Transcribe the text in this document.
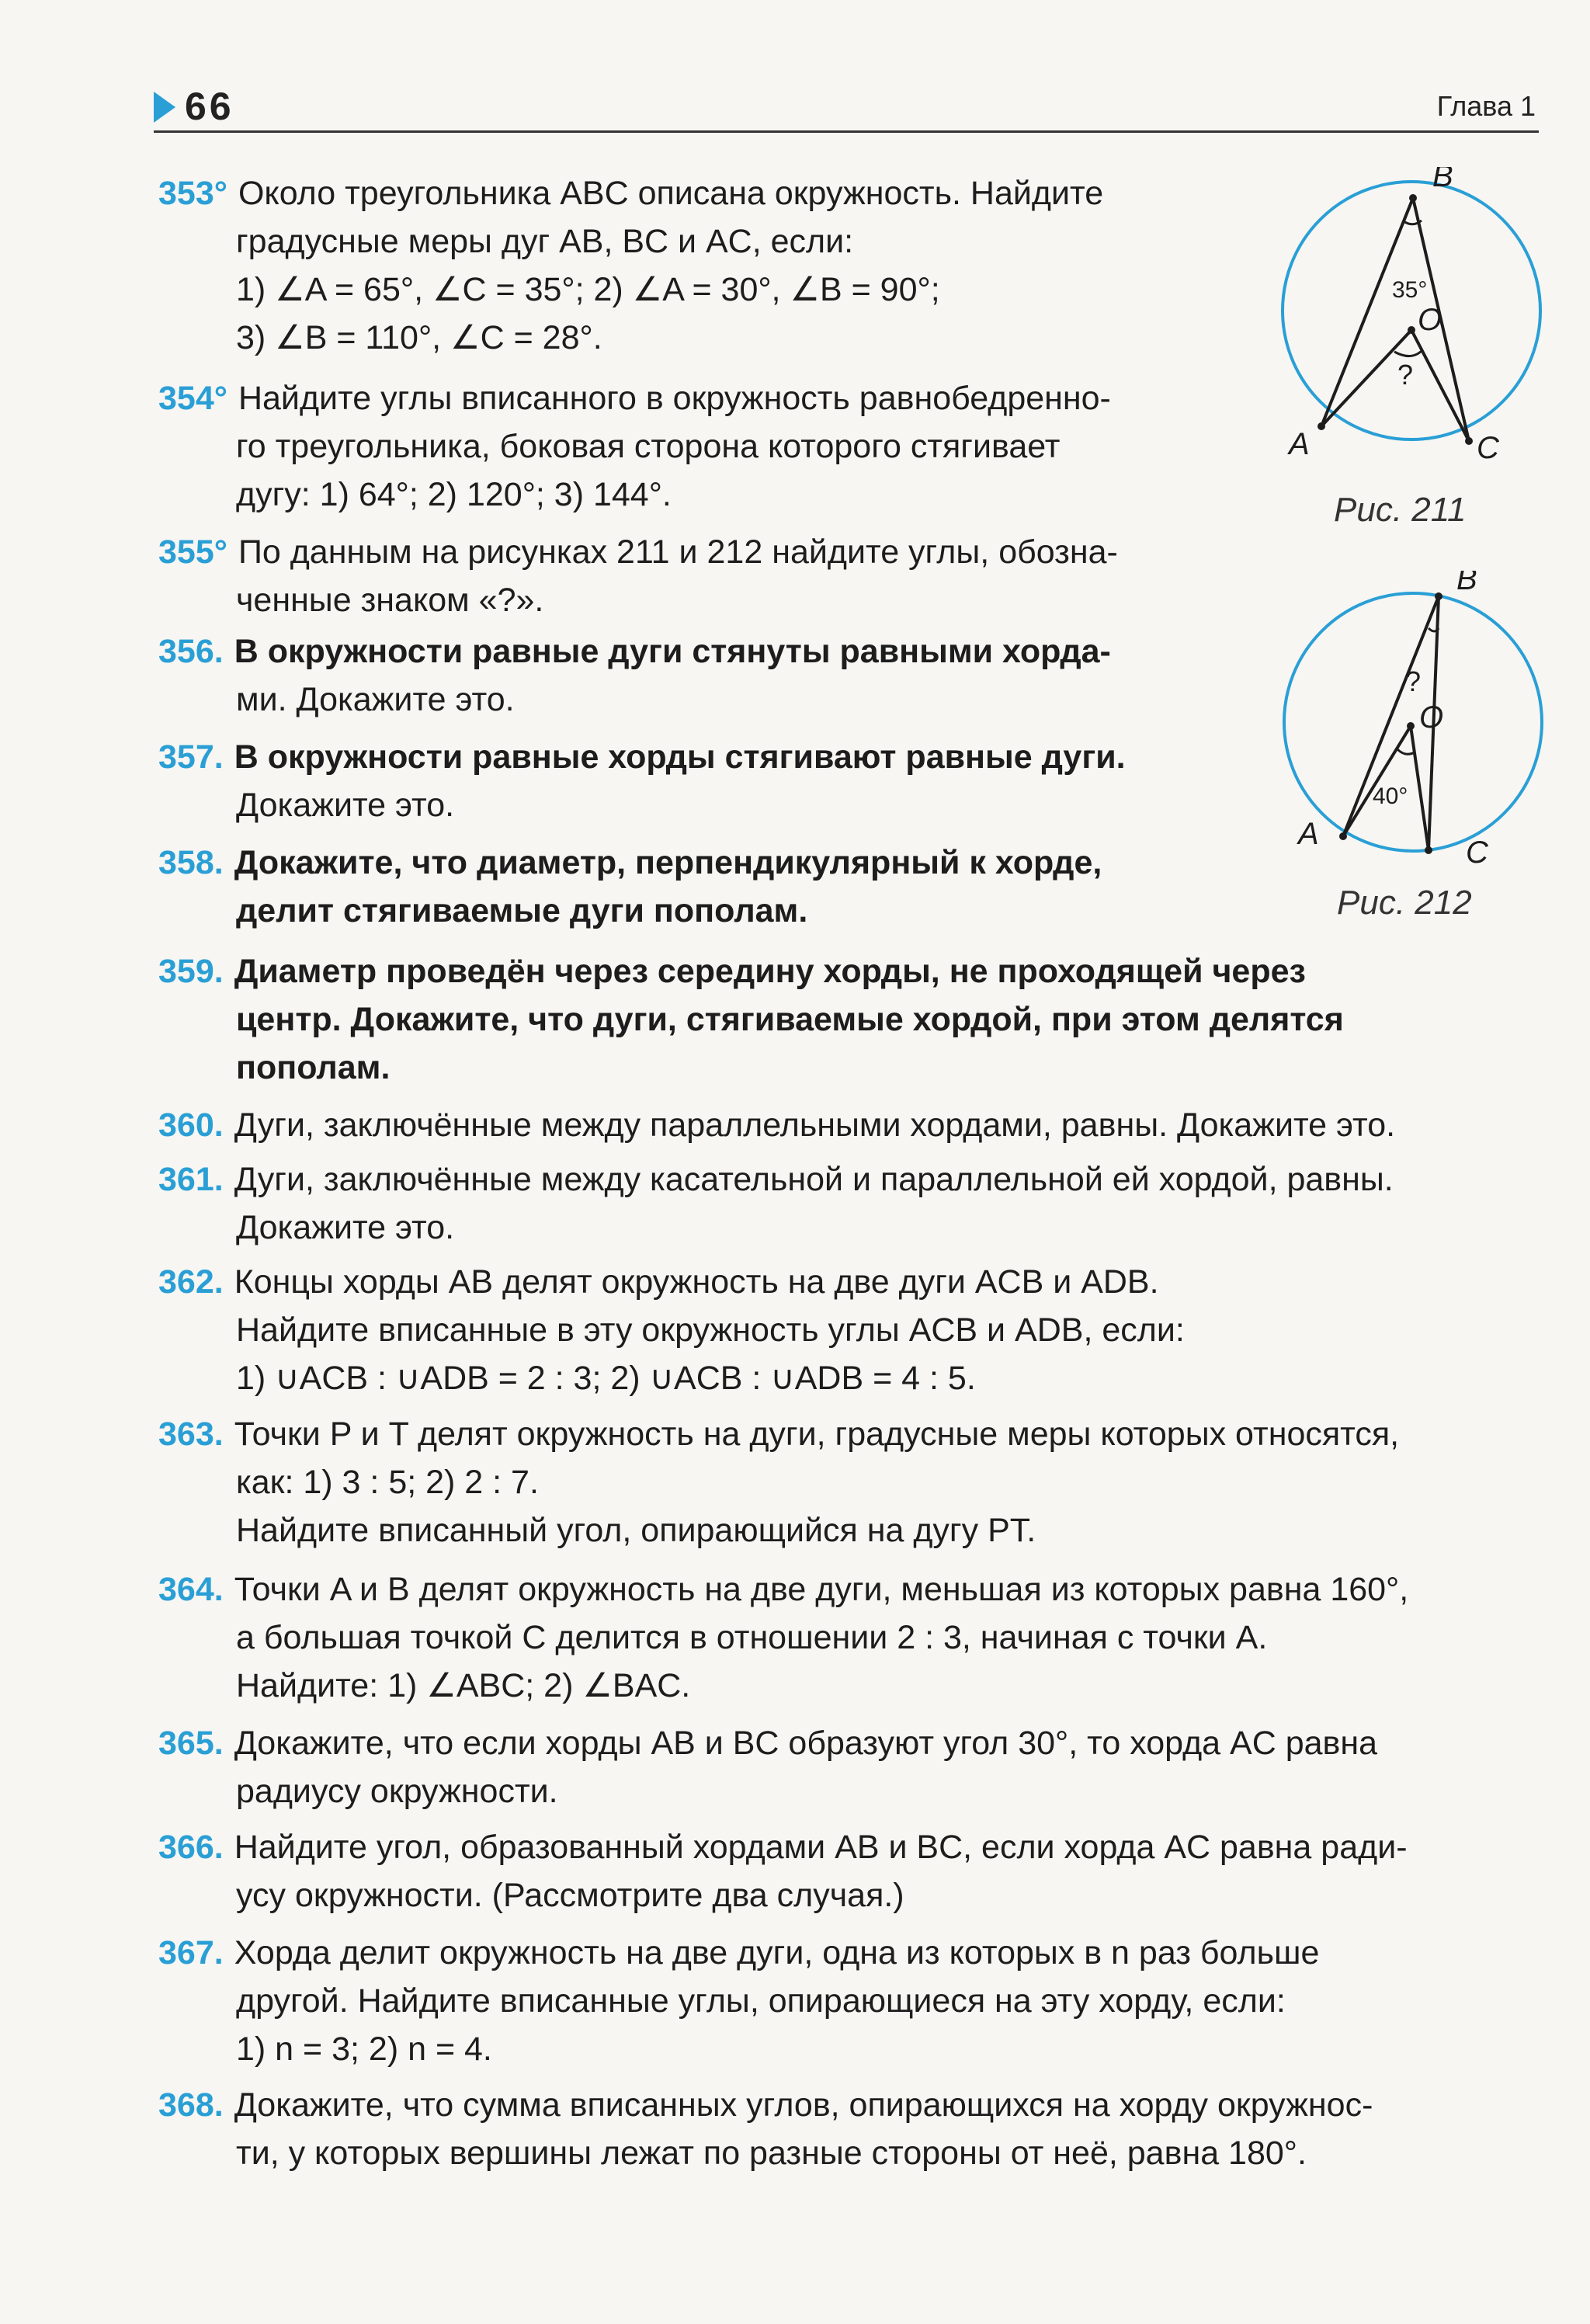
66	Глава 1
B
A	C
O
35°
?
Рис. 211
B
A
C
O
40°
?
Рис. 212
353° Около треугольника ABC описана окружность. Найдите
градусные меры дуг AB, BC и AC, если:
1) ∠A = 65°, ∠C = 35°; 2) ∠A = 30°, ∠B = 90°;
3) ∠B = 110°, ∠C = 28°.
354° Найдите углы вписанного в окружность равнобедренно-
го треугольника, боковая сторона которого стягивает
дугу: 1) 64°; 2) 120°; 3) 144°.
355° По данным на рисунках 211 и 212 найдите углы, обозна-
ченные знаком «?».
356. В окружности равные дуги стянуты равными хорда-
ми. Докажите это.
357. В окружности равные хорды стягивают равные дуги.
Докажите это.
358. Докажите, что диаметр, перпендикулярный к хорде,
делит стягиваемые дуги пополам.
359. Диаметр проведён через середину хорды, не проходящей через
центр. Докажите, что дуги, стягиваемые хордой, при этом делятся
пополам.
360. Дуги, заключённые между параллельными хордами, равны. Докажите это.
361. Дуги, заключённые между касательной и параллельной ей хордой, равны.
Докажите это.
362. Концы хорды AB делят окружность на две дуги ACB и ADB.
Найдите вписанные в эту окружность углы ACB и ADB, если:
1) ∪ACB : ∪ADB = 2 : 3; 2) ∪ACB : ∪ADB = 4 : 5.
363. Точки P и T делят окружность на дуги, градусные меры которых относятся,
как: 1) 3 : 5; 2) 2 : 7.
Найдите вписанный угол, опирающийся на дугу PT.
364. Точки A и B делят окружность на две дуги, меньшая из которых равна 160°,
а большая точкой C делится в отношении 2 : 3, начиная с точки A.
Найдите: 1) ∠ABC; 2) ∠BAC.
365. Докажите, что если хорды AB и BC образуют угол 30°, то хорда AC равна
радиусу окружности.
366. Найдите угол, образованный хордами AB и BC, если хорда AC равна ради-
усу окружности. (Рассмотрите два случая.)
367. Хорда делит окружность на две дуги, одна из которых в n раз больше
другой. Найдите вписанные углы, опирающиеся на эту хорду, если:
1) n = 3; 2) n = 4.
368. Докажите, что сумма вписанных углов, опирающихся на хорду окружнос-
ти, у которых вершины лежат по разные стороны от неё, равна 180°.
